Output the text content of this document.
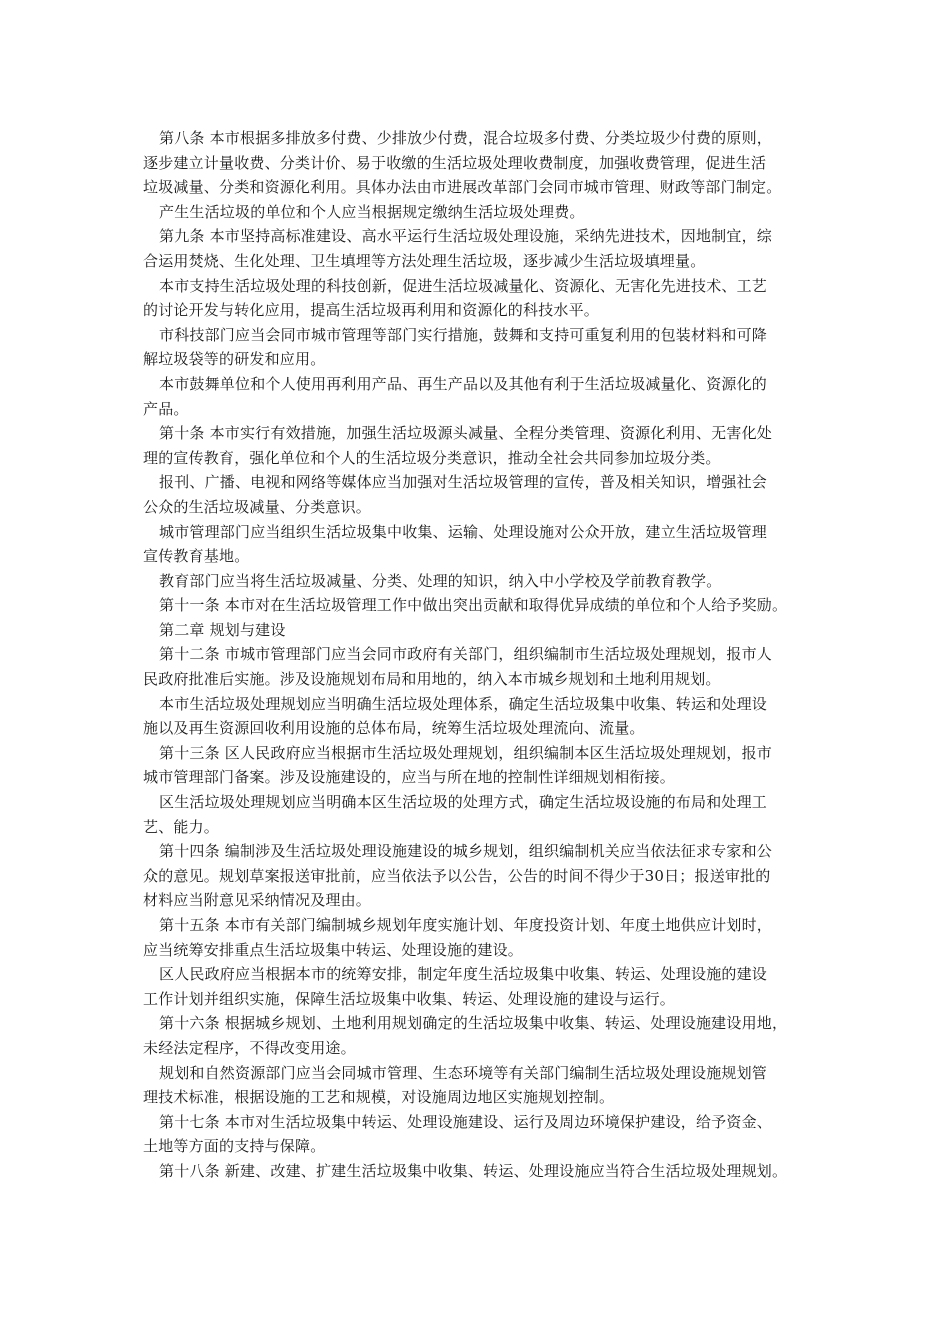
第八条 本市根据多排放多付费、少排放少付费，混合垃圾多付费、分类垃圾少付费的原则，
逐步建立计量收费、分类计价、易于收缴的生活垃圾处理收费制度，加强收费管理，促进生活
垃圾减量、分类和资源化利用。具体办法由市进展改革部门会同市城市管理、财政等部门制定。
产生生活垃圾的单位和个人应当根据规定缴纳生活垃圾处理费。
第九条 本市坚持高标准建设、高水平运行生活垃圾处理设施，采纳先进技术，因地制宜，综
合运用焚烧、生化处理、卫生填埋等方法处理生活垃圾，逐步减少生活垃圾填埋量。
本市支持生活垃圾处理的科技创新，促进生活垃圾减量化、资源化、无害化先进技术、工艺
的讨论开发与转化应用，提高生活垃圾再利用和资源化的科技水平。
市科技部门应当会同市城市管理等部门实行措施，鼓舞和支持可重复利用的包装材料和可降
解垃圾袋等的研发和应用。
本市鼓舞单位和个人使用再利用产品、再生产品以及其他有利于生活垃圾减量化、资源化的
产品。
第十条 本市实行有效措施，加强生活垃圾源头减量、全程分类管理、资源化利用、无害化处
理的宣传教育，强化单位和个人的生活垃圾分类意识，推动全社会共同参加垃圾分类。
报刊、广播、电视和网络等媒体应当加强对生活垃圾管理的宣传，普及相关知识，增强社会
公众的生活垃圾减量、分类意识。
城市管理部门应当组织生活垃圾集中收集、运输、处理设施对公众开放，建立生活垃圾管理
宣传教育基地。
教育部门应当将生活垃圾减量、分类、处理的知识，纳入中小学校及学前教育教学。
第十一条 本市对在生活垃圾管理工作中做出突出贡献和取得优异成绩的单位和个人给予奖励。
第二章 规划与建设
第十二条 市城市管理部门应当会同市政府有关部门，组织编制市生活垃圾处理规划，报市人
民政府批准后实施。涉及设施规划布局和用地的，纳入本市城乡规划和土地利用规划。
本市生活垃圾处理规划应当明确生活垃圾处理体系，确定生活垃圾集中收集、转运和处理设
施以及再生资源回收利用设施的总体布局，统筹生活垃圾处理流向、流量。
第十三条 区人民政府应当根据市生活垃圾处理规划，组织编制本区生活垃圾处理规划，报市
城市管理部门备案。涉及设施建设的，应当与所在地的控制性详细规划相衔接。
区生活垃圾处理规划应当明确本区生活垃圾的处理方式，确定生活垃圾设施的布局和处理工
艺、能力。
第十四条 编制涉及生活垃圾处理设施建设的城乡规划，组织编制机关应当依法征求专家和公
众的意见。规划草案报送审批前，应当依法予以公告，公告的时间不得少于30日；报送审批的
材料应当附意见采纳情况及理由。
第十五条 本市有关部门编制城乡规划年度实施计划、年度投资计划、年度土地供应计划时，
应当统筹安排重点生活垃圾集中转运、处理设施的建设。
区人民政府应当根据本市的统筹安排，制定年度生活垃圾集中收集、转运、处理设施的建设
工作计划并组织实施，保障生活垃圾集中收集、转运、处理设施的建设与运行。
第十六条 根据城乡规划、土地利用规划确定的生活垃圾集中收集、转运、处理设施建设用地，
未经法定程序，不得改变用途。
规划和自然资源部门应当会同城市管理、生态环境等有关部门编制生活垃圾处理设施规划管
理技术标准，根据设施的工艺和规模，对设施周边地区实施规划控制。
第十七条 本市对生活垃圾集中转运、处理设施建设、运行及周边环境保护建设，给予资金、
土地等方面的支持与保障。
第十八条 新建、改建、扩建生活垃圾集中收集、转运、处理设施应当符合生活垃圾处理规划。
